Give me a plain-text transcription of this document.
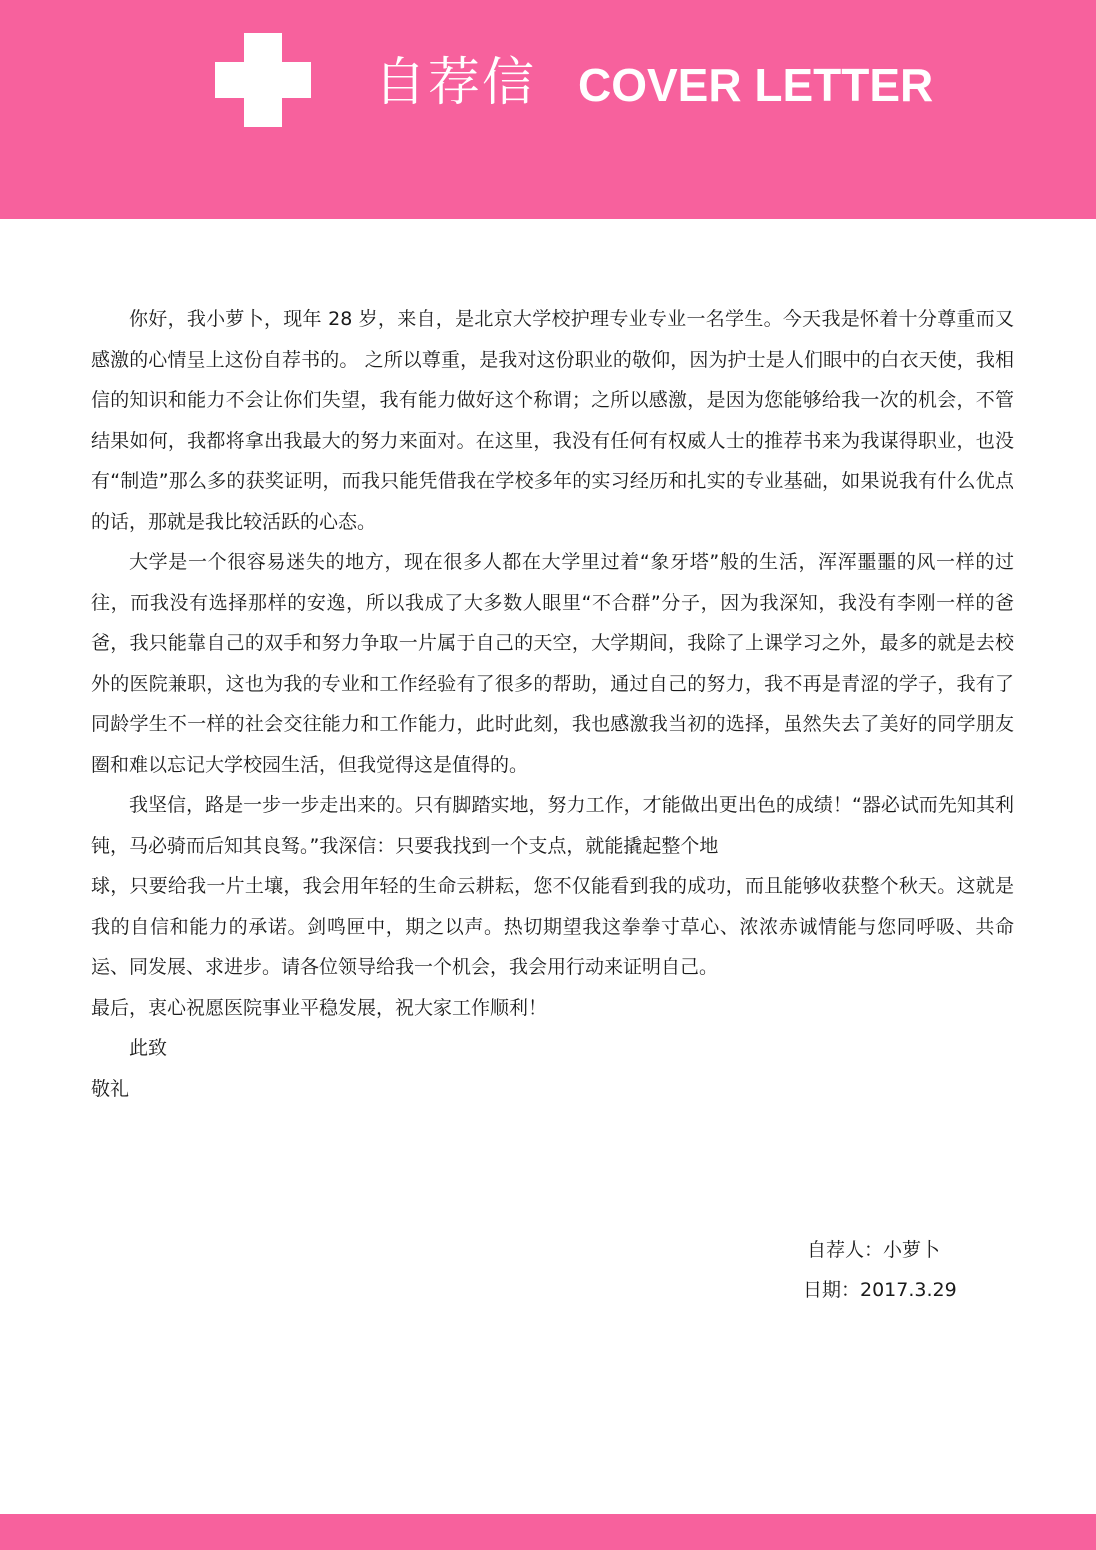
自荐信 COVER LETTER

你好，我小萝卜，现年 28 岁，来自，是北京大学校护理专业专业一名学生。今天我是怀着十分尊重而又感激的心情呈上这份自荐书的。 之所以尊重，是我对这份职业的敬仰，因为护士是人们眼中的白衣天使，我相信的知识和能力不会让你们失望，我有能力做好这个称谓；之所以感激，是因为您能够给我一次的机会，不管结果如何，我都将拿出我最大的努力来面对。在这里，我没有任何有权威人士的推荐书来为我谋得职业，也没有“制造”那么多的获奖证明，而我只能凭借我在学校多年的实习经历和扎实的专业基础，如果说我有什么优点的话，那就是我比较活跃的心态。

大学是一个很容易迷失的地方，现在很多人都在大学里过着“象牙塔”般的生活，浑浑噩噩的风一样的过往，而我没有选择那样的安逸，所以我成了大多数人眼里“不合群”分子，因为我深知，我没有李刚一样的爸爸，我只能靠自己的双手和努力争取一片属于自己的天空，大学期间，我除了上课学习之外，最多的就是去校外的医院兼职，这也为我的专业和工作经验有了很多的帮助，通过自己的努力，我不再是青涩的学子，我有了同龄学生不一样的社会交往能力和工作能力，此时此刻，我也感激我当初的选择，虽然失去了美好的同学朋友圈和难以忘记大学校园生活，但我觉得这是值得的。

我坚信，路是一步一步走出来的。只有脚踏实地，努力工作，才能做出更出色的成绩！“器必试而先知其利钝，马必骑而后知其良驽。”我深信：只要我找到一个支点，就能撬起整个地

球，只要给我一片土壤，我会用年轻的生命云耕耘，您不仅能看到我的成功，而且能够收获整个秋天。这就是我的自信和能力的承诺。剑鸣匣中，期之以声。热切期望我这拳拳寸草心、浓浓赤诚情能与您同呼吸、共命运、同发展、求进步。请各位领导给我一个机会，我会用行动来证明自己。

最后，衷心祝愿医院事业平稳发展，祝大家工作顺利！

此致

敬礼

自荐人：小萝卜
日期：2017.3.29
